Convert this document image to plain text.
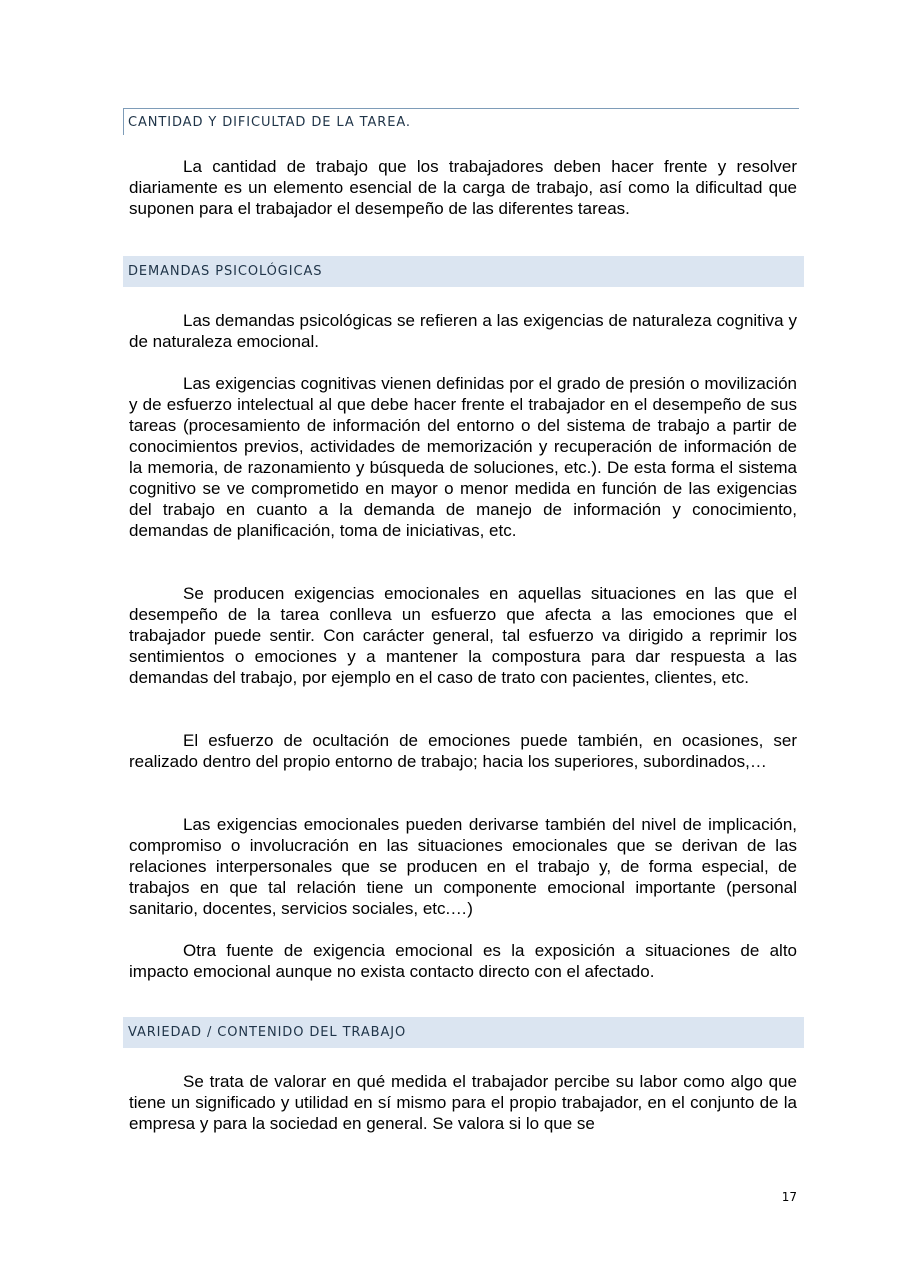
CANTIDAD Y DIFICULTAD DE LA TAREA.

La cantidad de trabajo que los trabajadores deben hacer frente y resolver diariamente es un elemento esencial de la carga de trabajo, así como la dificultad que suponen para el trabajador el desempeño de las diferentes tareas.

DEMANDAS PSICOLÓGICAS

Las demandas psicológicas se refieren a las exigencias de naturaleza cognitiva y de naturaleza emocional.

Las exigencias cognitivas vienen definidas por el grado de presión o movilización y de esfuerzo intelectual al que debe hacer frente el trabajador en el desempeño de sus tareas (procesamiento de información del entorno o del sistema de trabajo a partir de conocimientos previos, actividades de memorización y recuperación de información de la memoria, de razonamiento y búsqueda de soluciones, etc.). De esta forma el sistema cognitivo se ve comprometido en mayor o menor medida en función de las exigencias del trabajo en cuanto a la demanda de manejo de información y conocimiento, demandas de planificación, toma de iniciativas, etc.

Se producen exigencias emocionales en aquellas situaciones en las que el desempeño de la tarea conlleva un esfuerzo que afecta a las emociones que el trabajador puede sentir. Con carácter general, tal esfuerzo va dirigido a reprimir los sentimientos o emociones y a mantener la compostura para dar respuesta a las demandas del trabajo, por ejemplo en el caso de trato con pacientes, clientes, etc.

El esfuerzo de ocultación de emociones puede también, en ocasiones, ser realizado dentro del propio entorno de trabajo; hacia los superiores, subordinados,…

Las exigencias emocionales pueden derivarse también del nivel de implicación, compromiso o involucración en las situaciones emocionales que se derivan de las relaciones interpersonales que se producen en el trabajo y, de forma especial, de trabajos en que tal relación tiene un componente emocional importante (personal sanitario, docentes, servicios sociales, etc.…)

Otra fuente de exigencia emocional es la exposición a situaciones de alto impacto emocional aunque no exista contacto directo con el afectado.

VARIEDAD / CONTENIDO DEL TRABAJO

Se trata de valorar en qué medida el trabajador percibe su labor como algo que tiene un significado y utilidad en sí mismo para el propio trabajador, en el conjunto de la empresa y para la sociedad en general. Se valora si lo que se

17
